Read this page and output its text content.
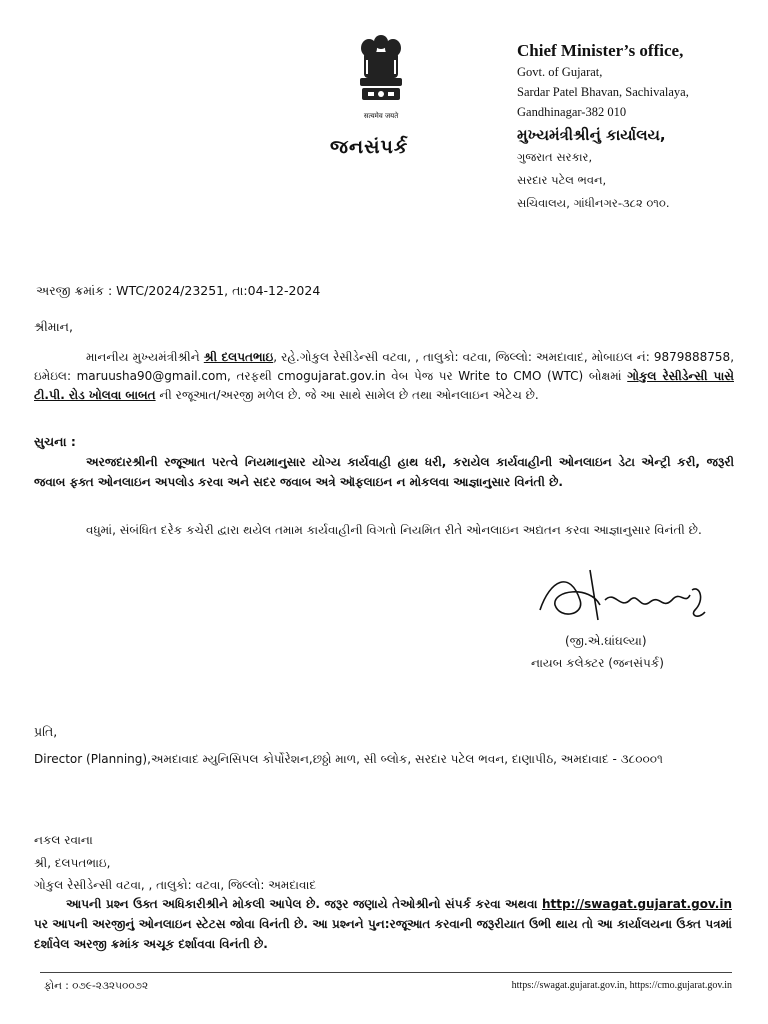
सत्यमेव जयते
જનસંપર્ક
Chief Minister’s office,
Govt. of Gujarat,
Sardar Patel Bhavan, Sachivalaya,
Gandhinagar-382 010
મુખ્યમંત્રીશ્રીનું કાર્યાલય,
ગુજરાત સરકાર,
સરદાર પટેલ ભવન,
સચિવાલય, ગાંધીનગર-૩૮૨ ૦૧૦.
અરજી ક્રમાંક : WTC/2024/23251, તા:04-12-2024
શ્રીમાન,
માનનીય મુખ્યમંત્રીશ્રીને શ્રી દલપતભાઇ, રહે.ગોકુલ રેસીડેન્સી વટવા, , તાલુકો: વટવા, જિલ્લો: અમદાવાદ, મોબાઇલ નં: 9879888758, ઇમેઇલ: maruusha90@gmail.com, તરફથી cmogujarat.gov.in વેબ પેજ પર Write to CMO (WTC) બોક્ષમાં ગોકુલ રેસીડેન્સી પાસે ટી.પી. રોડ ખોલવા બાબત ની રજૂઆત/અરજી મળેલ છે. જે આ સાથે સામેલ છે તથા ઓનલાઇન એટેચ છે.
સુચના :
અરજદારશ્રીની રજૂઆત પરત્વે નિયમાનુસાર યોગ્ય કાર્યવાહી હાથ ધરી, કરાયેલ કાર્યવાહીની ઓનલાઇન ડેટા એન્ટ્રી કરી, જરૂરી જવાબ ફક્ત ઓનલાઇન અપલોડ કરવા અને સદર જવાબ અત્રે ઑફલાઇન ન મોકલવા આજ્ઞાનુસાર વિનંતી છે.
વધુમાં, સંબંધિત દરેક કચેરી દ્વારા થયેલ તમામ કાર્યવાહીની વિગતો નિયમિત રીતે ઓનલાઇન અદ્યતન કરવા આજ્ઞાનુસાર વિનંતી છે.
(જી.એ.ઘાંઘલ્યા)
નાયબ કલેક્ટર (જનસંપર્ક)
પ્રતિ,
Director (Planning),અમદાવાદ મ્યુનિસિપલ કોર્પોરેશન,છઠ્ઠો માળ, સી બ્લોક, સરદાર પટેલ ભવન, દાણાપીઠ, અમદાવાદ - ૩૮૦૦૦૧
નકલ રવાના
શ્રી, દલપતભાઇ,
ગોકુલ રેસીડેન્સી વટવા, , તાલુકો: વટવા, જિલ્લો: અમદાવાદ
આપની પ્રશ્ન ઉક્ત અધિકારીશ્રીને મોકલી આપેલ છે. જરૂર જણાયે તેઓશ્રીનો સંપર્ક કરવા અથવા http://swagat.gujarat.gov.in પર આપની અરજીનું ઓનલાઇન સ્ટેટસ જોવા વિનંતી છે. આ પ્રશ્નને પુન:રજૂઆત કરવાની જરૂરીયાત ઉભી થાય તો આ કાર્યાલયના ઉક્ત પત્રમાં દર્શાવેલ અરજી ક્રમાંક અચૂક દર્શાવવા વિનંતી છે.
ફોન : ૦૭૯-૨૩૨૫૦૦૭૨	https://swagat.gujarat.gov.in, https://cmo.gujarat.gov.in
